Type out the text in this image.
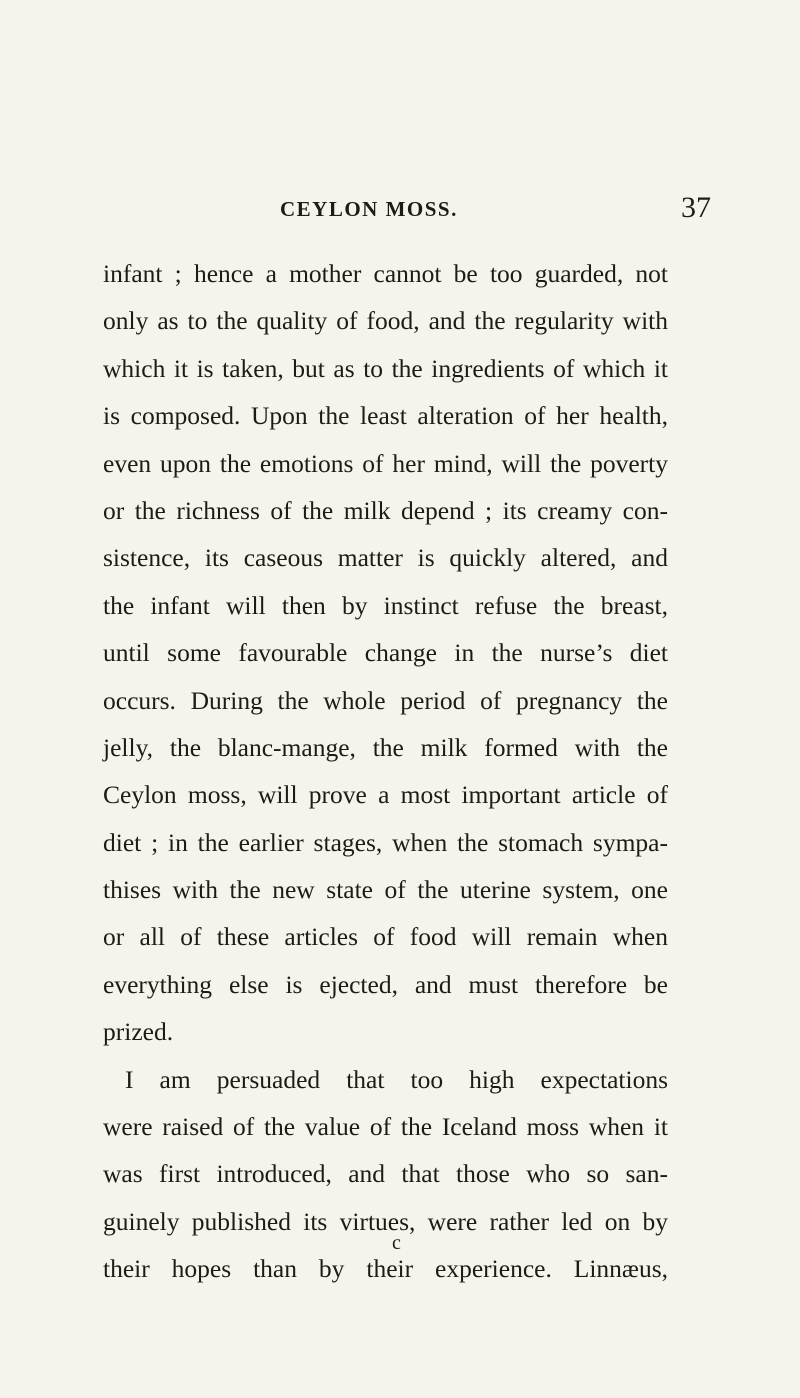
CEYLON MOSS.	37
infant ; hence a mother cannot be too guarded, not
only as to the quality of food, and the regularity with
which it is taken, but as to the ingredients of which it
is composed. Upon the least alteration of her health,
even upon the emotions of her mind, will the poverty
or the richness of the milk depend ; its creamy con-
sistence, its caseous matter is quickly altered, and
the infant will then by instinct refuse the breast,
until some favourable change in the nurse’s diet
occurs. During the whole period of pregnancy the
jelly, the blanc-mange, the milk formed with the
Ceylon moss, will prove a most important article of
diet ; in the earlier stages, when the stomach sympa-
thises with the new state of the uterine system, one
or all of these articles of food will remain when
everything else is ejected, and must therefore be
prized.
I am persuaded that too high expectations
were raised of the value of the Iceland moss when it
was first introduced, and that those who so san-
guinely published its virtues, were rather led on by
their hopes than by their experience. Linnæus,
c
